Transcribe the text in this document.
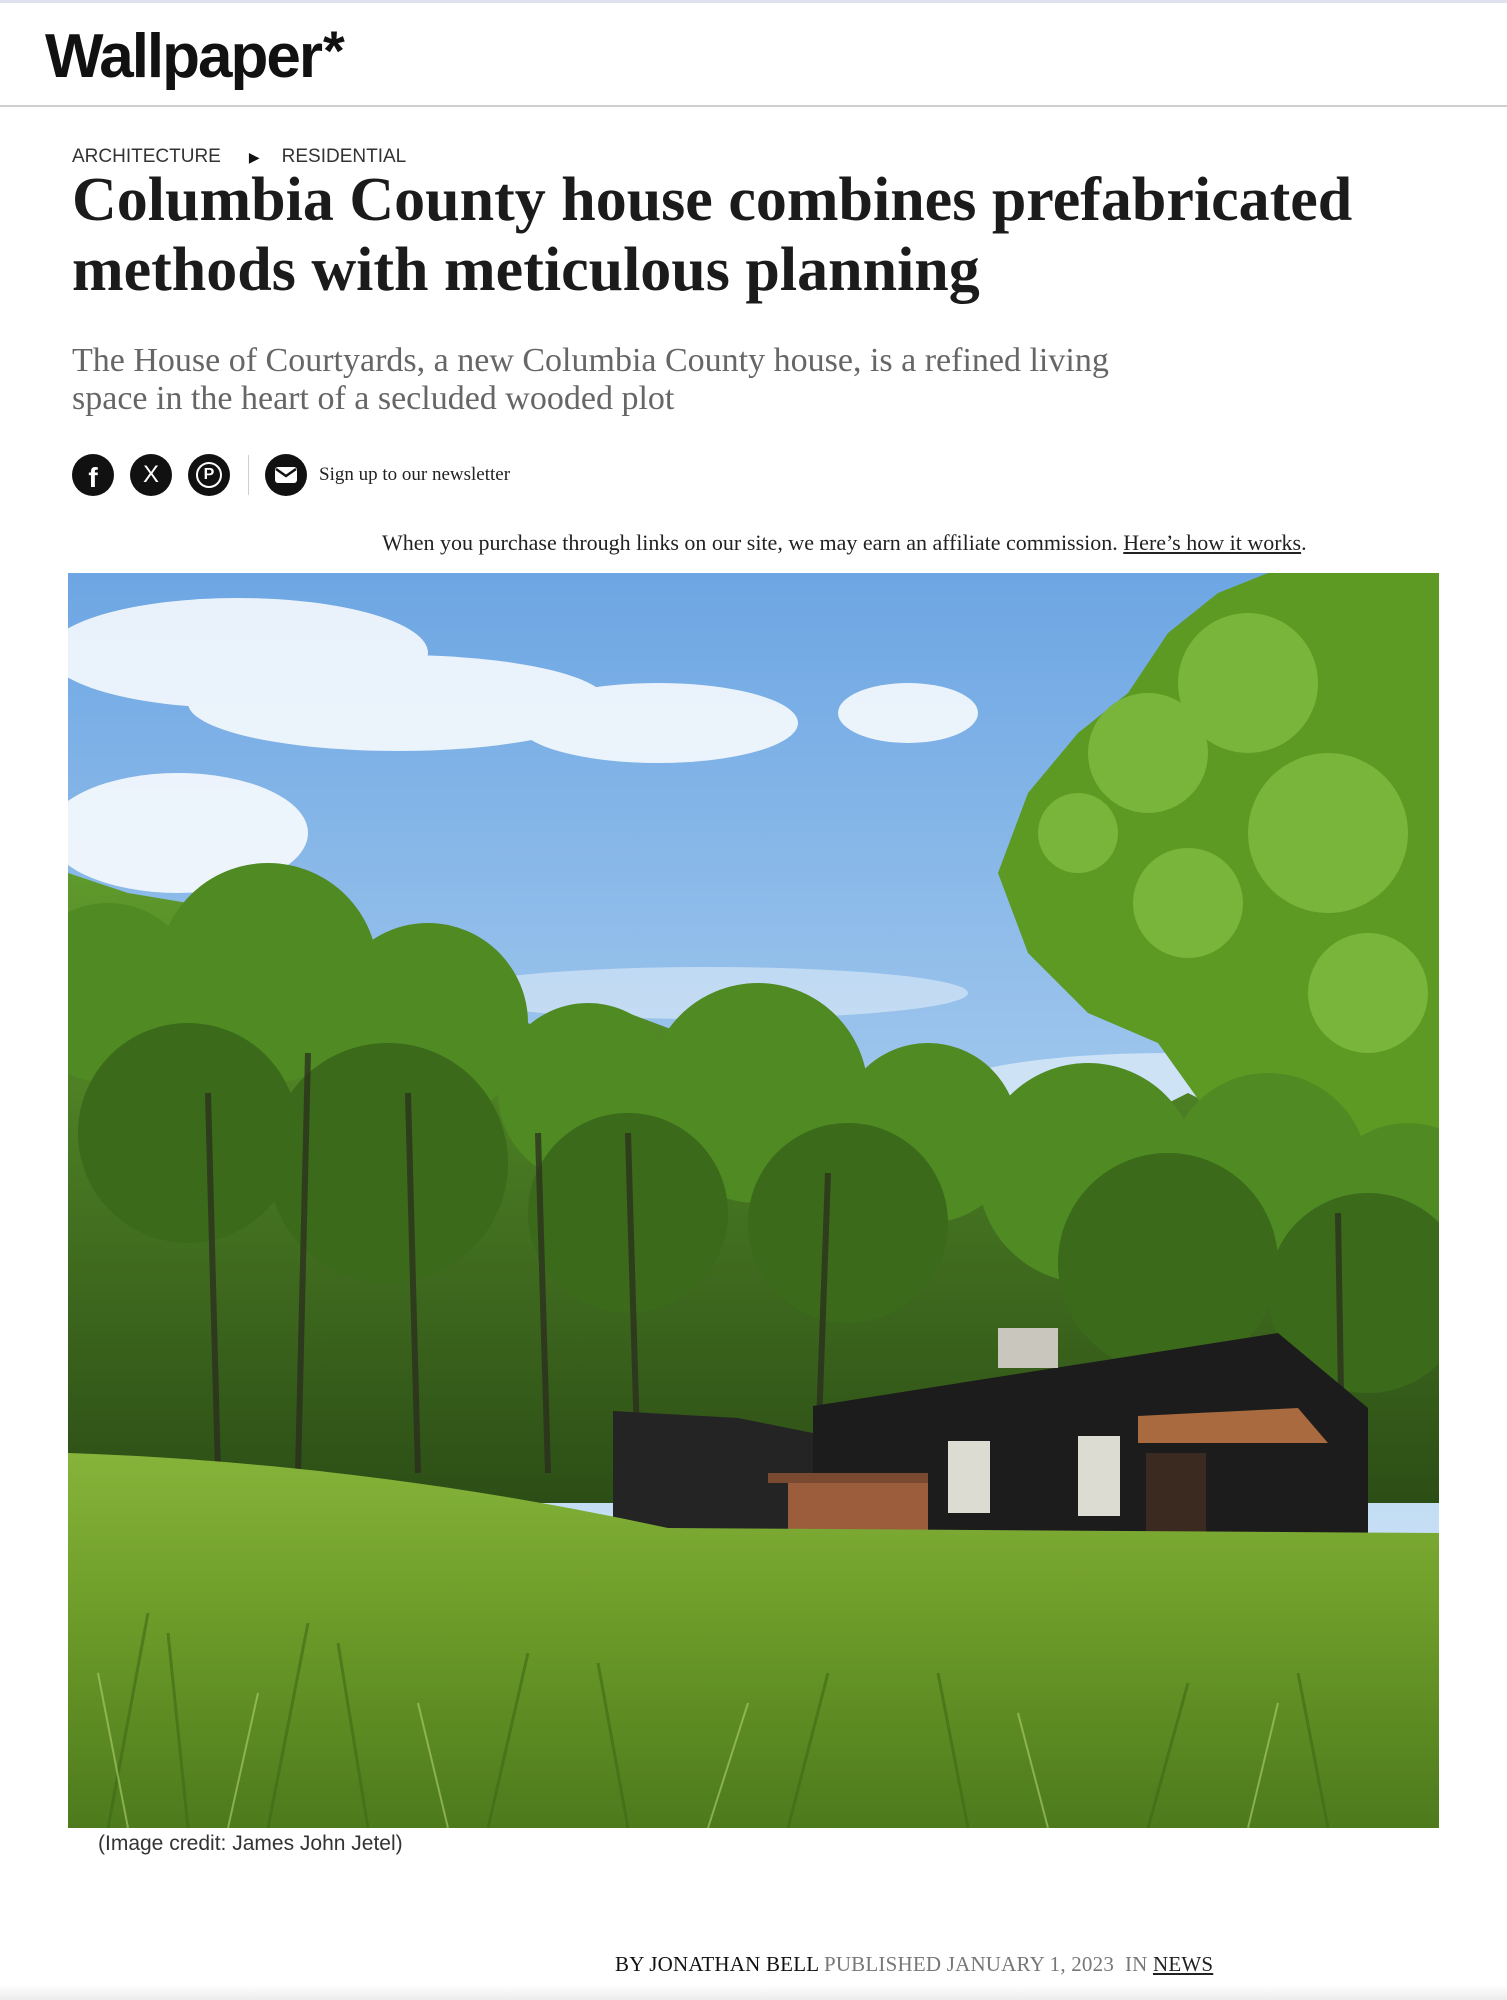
Wallpaper*
ARCHITECTURE ▶ RESIDENTIAL
Columbia County house combines prefabricated methods with meticulous planning

The House of Courtyards, a new Columbia County house, is a refined living space in the heart of a secluded wooded plot

f X	P	Sign up to our newsletter
When you purchase through links on our site, we may earn an affiliate commission. Here’s how it works.
(Image credit: James John Jetel)
BY JONATHAN BELL PUBLISHED JANUARY 1, 2023 IN NEWS
